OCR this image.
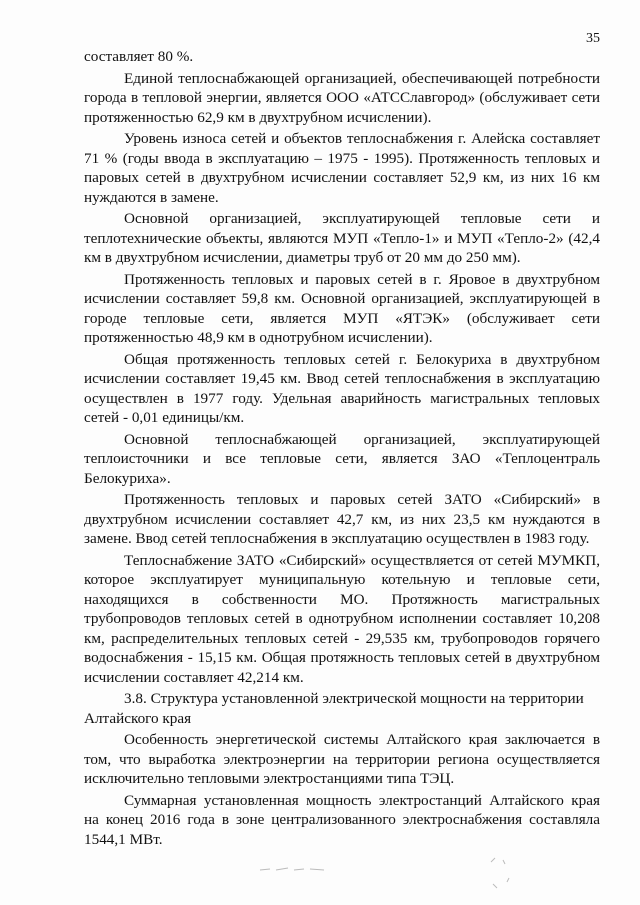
35

составляет 80 %.

Единой теплоснабжающей организацией, обеспечивающей потребности города в тепловой энергии, является ООО «АТССлавгород» (обслуживает сети протяженностью 62,9 км в двухтрубном исчислении).

Уровень износа сетей и объектов теплоснабжения г. Алейска составляет 71 % (годы ввода в эксплуатацию – 1975 - 1995). Протяженность тепловых и паровых сетей в двухтрубном исчислении составляет 52,9 км, из них 16 км нуждаются в замене.

Основной организацией, эксплуатирующей тепловые сети и теплотехнические объекты, являются МУП «Тепло-1» и МУП «Тепло-2» (42,4 км в двухтрубном исчислении, диаметры труб от 20 мм до 250 мм).

Протяженность тепловых и паровых сетей в г. Яровое в двухтрубном исчислении составляет 59,8 км. Основной организацией, эксплуатирующей в городе тепловые сети, является МУП «ЯТЭК» (обслуживает сети протяженностью 48,9 км в однотрубном исчислении).

Общая протяженность тепловых сетей г. Белокуриха в двухтрубном исчислении составляет 19,45 км. Ввод сетей теплоснабжения в эксплуатацию осуществлен в 1977 году. Удельная аварийность магистральных тепловых сетей - 0,01 единицы/км.

Основной теплоснабжающей организацией, эксплуатирующей теплоисточники и все тепловые сети, является ЗАО «Теплоцентраль Белокуриха».

Протяженность тепловых и паровых сетей ЗАТО «Сибирский» в двухтрубном исчислении составляет 42,7 км, из них 23,5 км нуждаются в замене. Ввод сетей теплоснабжения в эксплуатацию осуществлен в 1983 году.

Теплоснабжение ЗАТО «Сибирский» осуществляется от сетей МУМКП, которое эксплуатирует муниципальную котельную и тепловые сети, находящихся в собственности МО. Протяжность магистральных трубопроводов тепловых сетей в однотрубном исполнении составляет 10,208 км, распределительных тепловых сетей - 29,535 км, трубопроводов горячего водоснабжения - 15,15 км. Общая протяжность тепловых сетей в двухтрубном исчислении составляет 42,214 км.

3.8. Структура установленной электрической мощности на территории Алтайского края

Особенность энергетической системы Алтайского края заключается в том, что выработка электроэнергии на территории региона осуществляется исключительно тепловыми электростанциями типа ТЭЦ.

Суммарная установленная мощность электростанций Алтайского края на конец 2016 года в зоне централизованного электроснабжения составляла 1544,1 МВт.
